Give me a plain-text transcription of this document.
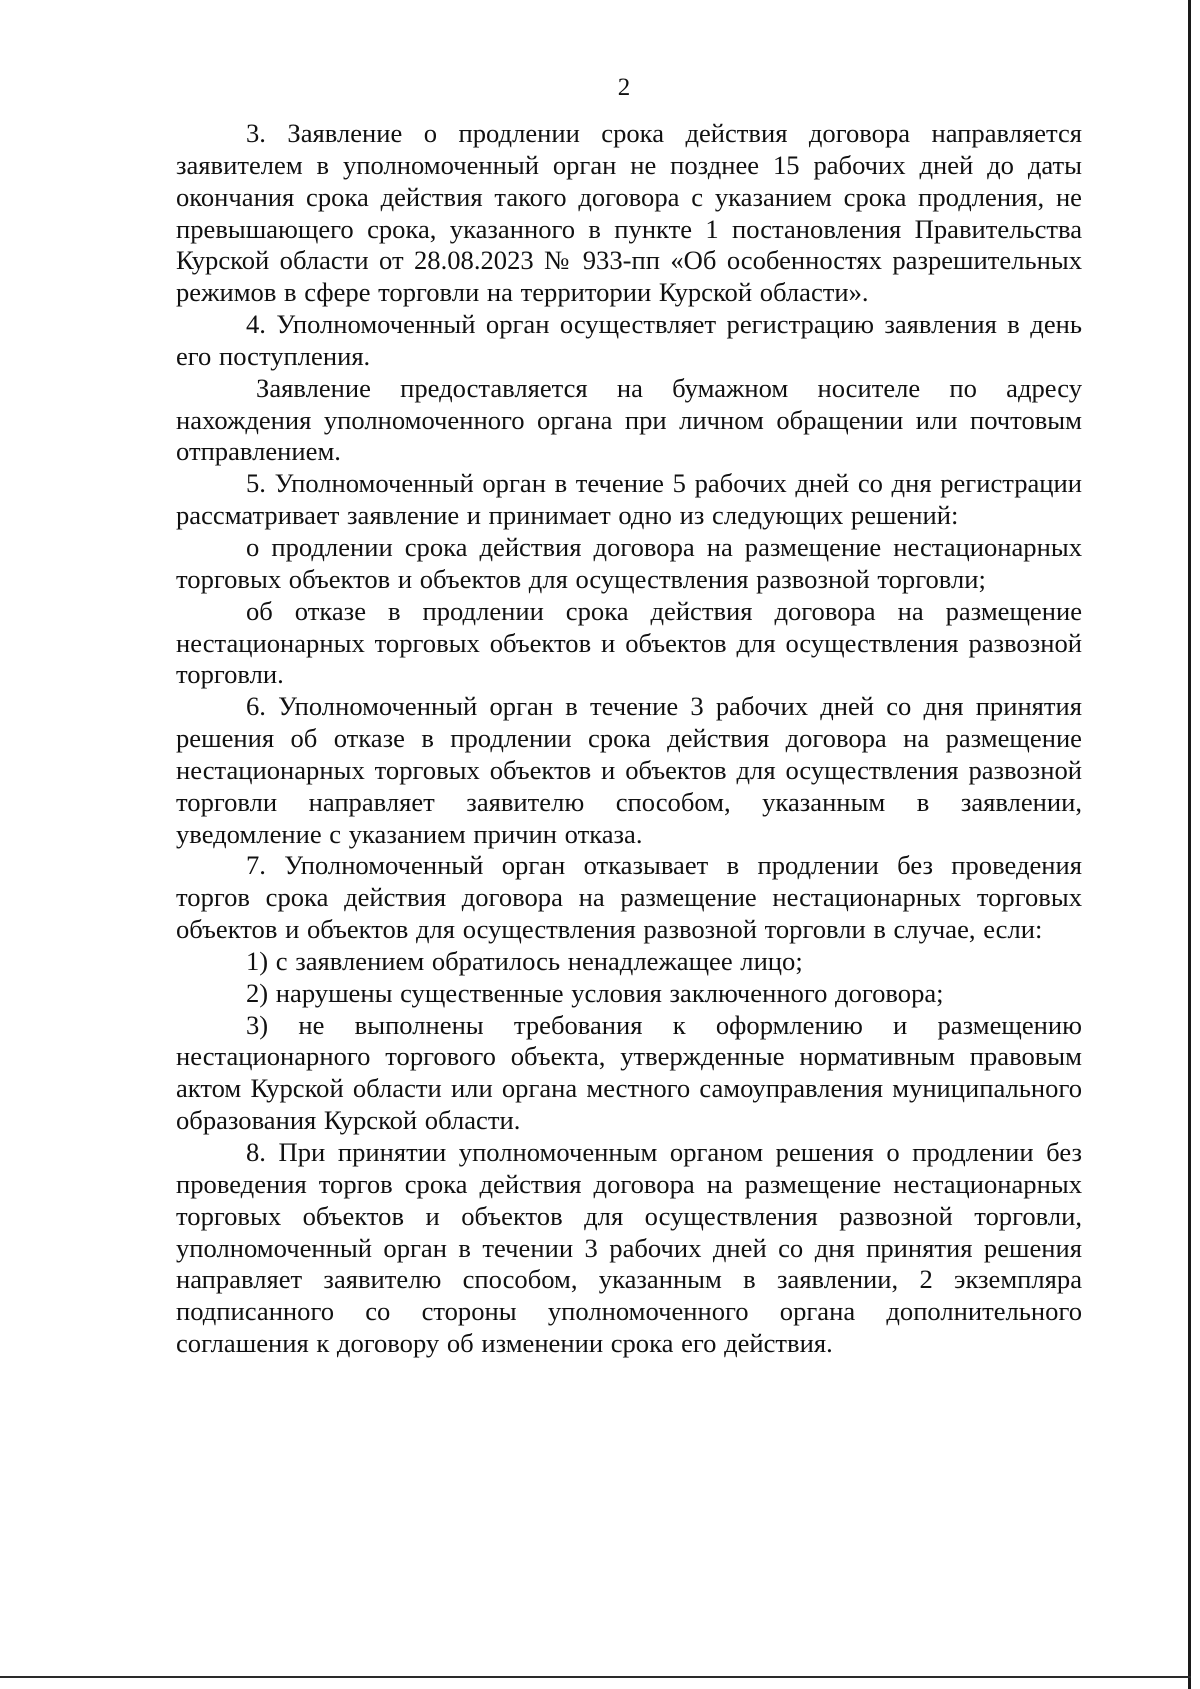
2

3. Заявление о продлении срока действия договора направляется заявителем в уполномоченный орган не позднее 15 рабочих дней до даты окончания срока действия такого договора с указанием срока продления, не превышающего срока, указанного в пункте 1 постановления Правительства Курской области от 28.08.2023 № 933-пп «Об особенностях разрешительных режимов в сфере торговли на территории Курской области».

4. Уполномоченный орган осуществляет регистрацию заявления в день его поступления.

Заявление предоставляется на бумажном носителе по адресу нахождения уполномоченного органа при личном обращении или почтовым отправлением.

5. Уполномоченный орган в течение 5 рабочих дней со дня регистрации рассматривает заявление и принимает одно из следующих решений:

о продлении срока действия договора на размещение нестационарных торговых объектов и объектов для осуществления развозной торговли;

об отказе в продлении срока действия договора на размещение нестационарных торговых объектов и объектов для осуществления развозной торговли.

6. Уполномоченный орган в течение 3 рабочих дней со дня принятия решения об отказе в продлении срока действия договора на размещение нестационарных торговых объектов и объектов для осуществления развозной торговли направляет заявителю способом, указанным в заявлении, уведомление с указанием причин отказа.

7. Уполномоченный орган отказывает в продлении без проведения торгов срока действия договора на размещение нестационарных торговых объектов и объектов для осуществления развозной торговли в случае, если:

1) с заявлением обратилось ненадлежащее лицо;

2) нарушены существенные условия заключенного договора;

3) не выполнены требования к оформлению и размещению нестационарного торгового объекта, утвержденные нормативным правовым актом Курской области или органа местного самоуправления муниципального образования Курской области.

8. При принятии уполномоченным органом решения о продлении без проведения торгов срока действия договора на размещение нестационарных торговых объектов и объектов для осуществления развозной торговли, уполномоченный орган в течении 3 рабочих дней со дня принятия решения направляет заявителю способом, указанным в заявлении, 2 экземпляра подписанного со стороны уполномоченного органа дополнительного соглашения к договору об изменении срока его действия.
